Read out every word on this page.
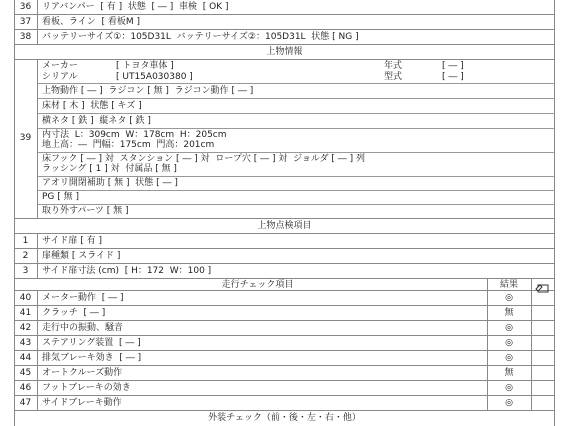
36	リアバンパー  [ 有 ]  状態  [ ― ]  車検  [ OK ]
37	看板、ライン  [ 看板M ]
38	バッテリーサイズ①：105D31L  バッテリーサイズ②：105D31L  状態 [ NG ]
上物情報
39
メーカー	[ トヨタ車体 ]	年式	[ ― ]
シリアル	[ UT15A030380 ]	型式	[ ― ]
上物動作 [ ― ]  ラジコン [ 無 ]  ラジコン動作 [ ― ]
床材 [ 木 ]  状態 [ キズ ]
横ネタ [ 鉄 ]  縦ネタ [ 鉄 ]
内寸法  L：309cm  W：178cm  H：205cm
地上高：―  門幅：175cm  門高：201cm
床フック [ ― ] 対  スタンション [ ― ] 対  ロープ穴 [ ― ] 対  ジョルダ [ ― ] 列
ラッシング [ 1 ] 対  付属品 [ 無 ]
アオリ開閉補助 [ 無 ]  状態 [ ― ]
PG [ 無 ]
取り外すパーツ [ 無 ]
上物点検項目
1	サイド扉 [ 有 ]
2	扉種類 [ スライド ]
3	サイド扉寸法 (cm)  [ H：172  W：100 ]
走行チェック項目	結果
40	メーター動作  [ ― ]	◎
41	クラッチ  [ ― ]	無
42	走行中の振動、騒音	◎
43	ステアリング装置  [ ― ]	◎
44	排気ブレーキ効き  [ ― ]	◎
45	オートクルーズ動作	無
46	フットブレーキの効き	◎
47	サイドブレーキ動作	◎
外装チェック（前・後・左・右・他）
